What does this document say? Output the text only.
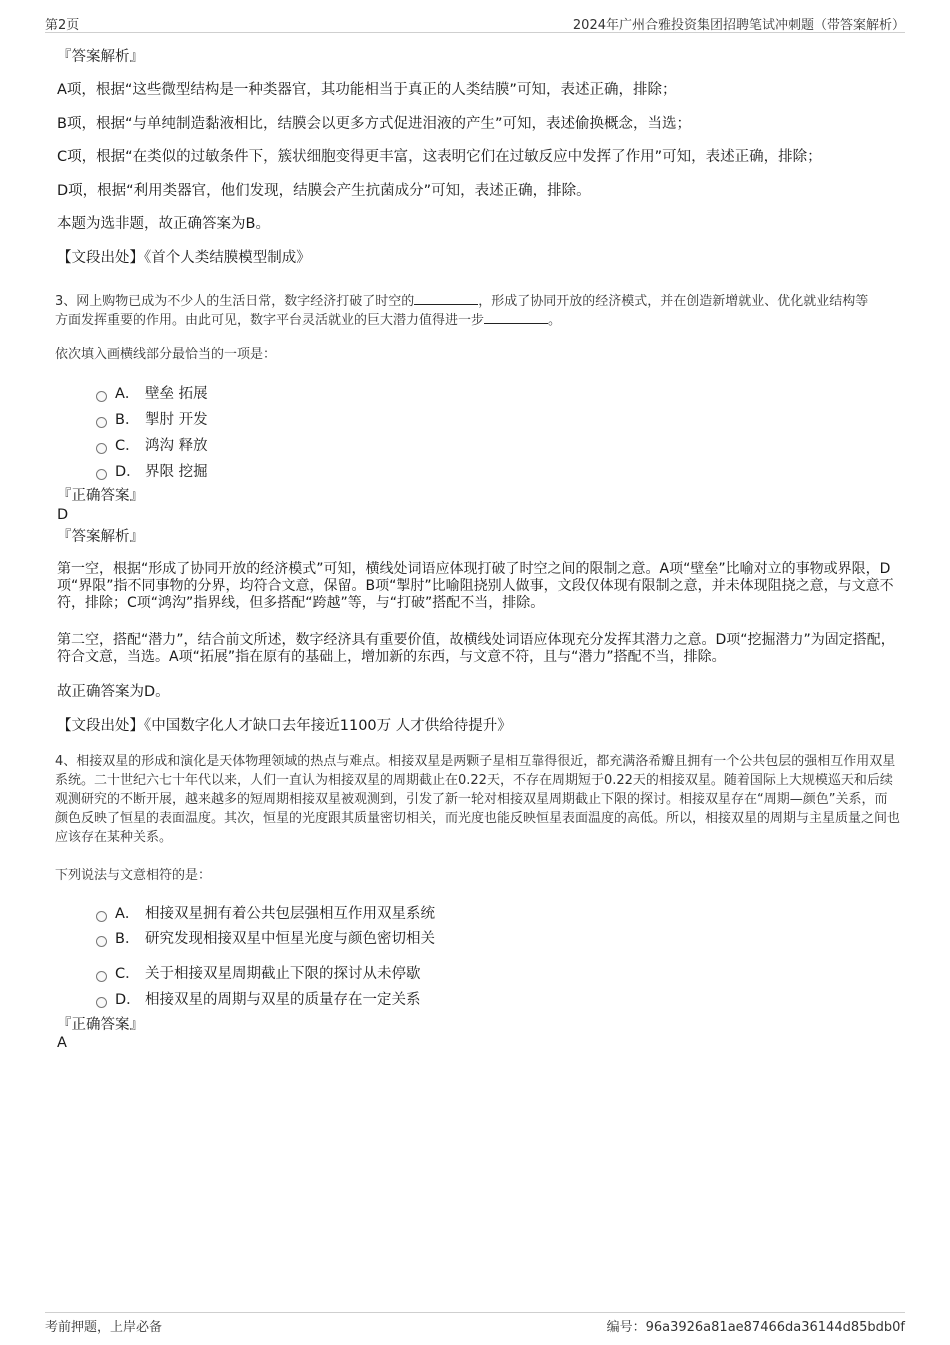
第2页	2024年广州合雅投资集团招聘笔试冲刺题（带答案解析）
『答案解析』
A项，根据“这些微型结构是一种类器官，其功能相当于真正的人类结膜”可知，表述正确，排除；
B项，根据“与单纯制造黏液相比，结膜会以更多方式促进泪液的产生”可知，表述偷换概念，当选；
C项，根据“在类似的过敏条件下，簇状细胞变得更丰富，这表明它们在过敏反应中发挥了作用”可知，表述正确，排除；
D项，根据“利用类器官，他们发现，结膜会产生抗菌成分”可知，表述正确，排除。
本题为选非题，故正确答案为B。
【文段出处】《首个人类结膜模型制成》
3、网上购物已成为不少人的生活日常，数字经济打破了时空的	，形成了协同开放的经济模式，并在创造新增就业、优化就业结构等
方面发挥重要的作用。由此可见，数字平台灵活就业的巨大潜力值得进一步	。
依次填入画横线部分最恰当的一项是：
A． 壁垒 拓展
B． 掣肘 开发
C． 鸿沟 释放
D． 界限 挖掘
『正确答案』
D
『答案解析』
第一空，根据“形成了协同开放的经济模式”可知，横线处词语应体现打破了时空之间的限制之意。A项“壁垒”比喻对立的事物或界限，D项“界限”指不同事物的分界，均符合文意，保留。B项“掣肘”比喻阻挠别人做事，文段仅体现有限制之意，并未体现阻挠之意，与文意不符，排除；C项“鸿沟”指界线，但多搭配“跨越”等，与“打破”搭配不当，排除。
第二空，搭配“潜力”，结合前文所述，数字经济具有重要价值，故横线处词语应体现充分发挥其潜力之意。D项“挖掘潜力”为固定搭配，符合文意，当选。A项“拓展”指在原有的基础上，增加新的东西，与文意不符，且与“潜力”搭配不当，排除。
故正确答案为D。
【文段出处】《中国数字化人才缺口去年接近1100万 人才供给待提升》
4、相接双星的形成和演化是天体物理领域的热点与难点。相接双星是两颗子星相互靠得很近，都充满洛希瓣且拥有一个公共包层的强相互作用双星系统。二十世纪六七十年代以来，人们一直认为相接双星的周期截止在0.22天，不存在周期短于0.22天的相接双星。随着国际上大规模巡天和后续观测研究的不断开展，越来越多的短周期相接双星被观测到，引发了新一轮对相接双星周期截止下限的探讨。相接双星存在“周期—颜色”关系，而颜色反映了恒星的表面温度。其次，恒星的光度跟其质量密切相关，而光度也能反映恒星表面温度的高低。所以，相接双星的周期与主星质量之间也应该存在某种关系。
下列说法与文意相符的是：
A． 相接双星拥有着公共包层强相互作用双星系统
B． 研究发现相接双星中恒星光度与颜色密切相关
C． 关于相接双星周期截止下限的探讨从未停歇
D． 相接双星的周期与双星的质量存在一定关系
『正确答案』
A
考前押题，上岸必备	编号：96a3926a81ae87466da36144d85bdb0f
